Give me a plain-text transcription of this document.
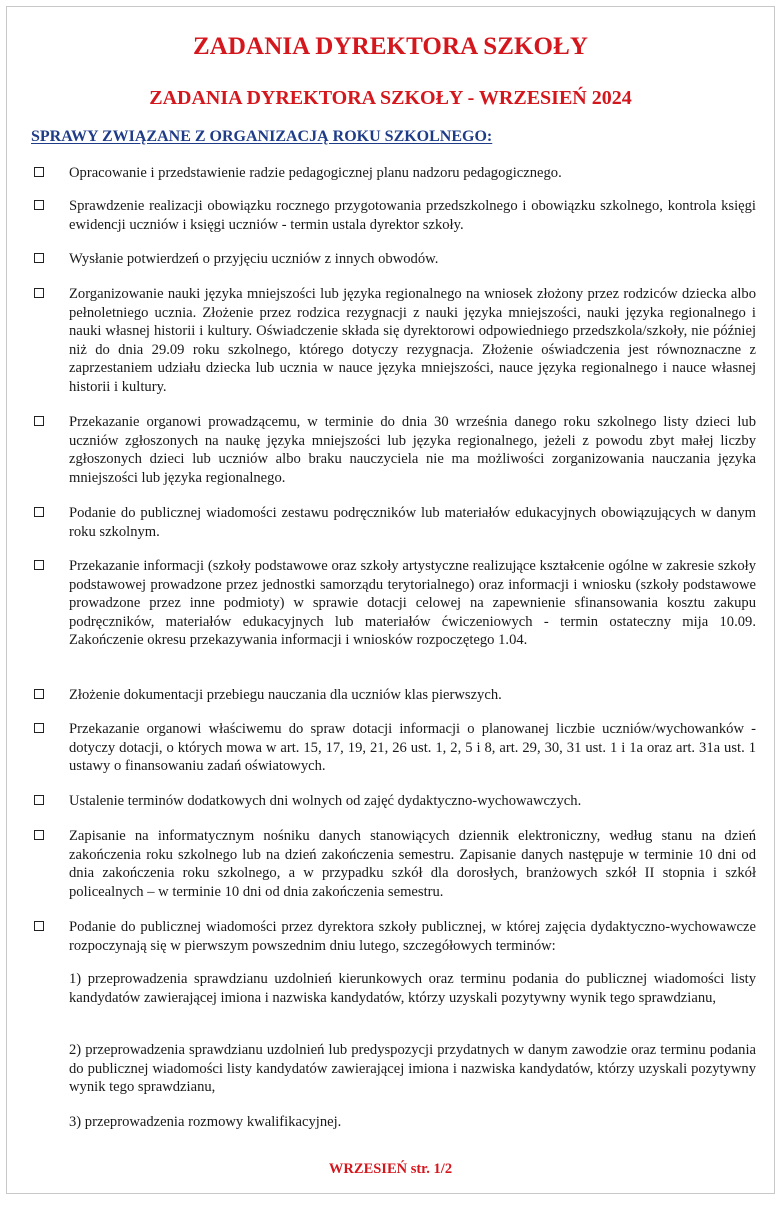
ZADANIA DYREKTORA SZKOŁY
ZADANIA DYREKTORA SZKOŁY - WRZESIEŃ 2024
SPRAWY ZWIĄZANE Z ORGANIZACJĄ ROKU SZKOLNEGO:
Opracowanie i przedstawienie radzie pedagogicznej planu nadzoru pedagogicznego.
Sprawdzenie realizacji obowiązku rocznego przygotowania przedszkolnego i obowiązku szkolnego, kontrola księgi ewidencji uczniów i księgi uczniów - termin ustala dyrektor szkoły.
Wysłanie potwierdzeń o przyjęciu uczniów z innych obwodów.
Zorganizowanie nauki języka mniejszości lub języka regionalnego na wniosek złożony przez rodziców dziecka albo pełnoletniego ucznia. Złożenie przez rodzica rezygnacji z nauki języka mniejszości, nauki języka regionalnego i nauki własnej historii i kultury. Oświadczenie składa się dyrektorowi odpowiedniego przedszkola/szkoły, nie później niż do dnia 29.09 roku szkolnego, którego dotyczy rezygnacja. Złożenie oświadczenia jest równoznaczne z zaprzestaniem udziału dziecka lub ucznia w nauce języka mniejszości, nauce języka regionalnego i nauce własnej historii i kultury.
Przekazanie organowi prowadzącemu, w terminie do dnia 30 września danego roku szkolnego listy dzieci lub uczniów zgłoszonych na naukę języka mniejszości lub języka regionalnego, jeżeli z powodu zbyt małej liczby zgłoszonych dzieci lub uczniów albo braku nauczyciela nie ma możliwości zorganizowania nauczania języka mniejszości lub języka regionalnego.
Podanie do publicznej wiadomości zestawu podręczników lub materiałów edukacyjnych obowiązujących w danym roku szkolnym.
Przekazanie informacji (szkoły podstawowe oraz szkoły artystyczne realizujące kształcenie ogólne w zakresie szkoły podstawowej prowadzone przez jednostki samorządu terytorialnego) oraz informacji i wniosku (szkoły podstawowe prowadzone przez inne podmioty) w sprawie dotacji celowej na zapewnienie sfinansowania kosztu zakupu podręczników, materiałów edukacyjnych lub materiałów ćwiczeniowych - termin ostateczny mija 10.09. Zakończenie okresu przekazywania informacji i wniosków rozpoczętego 1.04.
Złożenie dokumentacji przebiegu nauczania dla uczniów klas pierwszych.
Przekazanie organowi właściwemu do spraw dotacji informacji o planowanej liczbie uczniów/wychowanków - dotyczy dotacji, o których mowa w art. 15, 17, 19, 21, 26 ust. 1, 2, 5 i 8, art. 29, 30, 31 ust. 1 i 1a oraz art. 31a ust. 1 ustawy o finansowaniu zadań oświatowych.
Ustalenie terminów dodatkowych dni wolnych od zajęć dydaktyczno-wychowawczych.
Zapisanie na informatycznym nośniku danych stanowiących dziennik elektroniczny, według stanu na dzień zakończenia roku szkolnego lub na dzień zakończenia semestru. Zapisanie danych następuje w terminie 10 dni od dnia zakończenia roku szkolnego, a w przypadku szkół dla dorosłych, branżowych szkół II stopnia i szkół policealnych – w terminie 10 dni od dnia zakończenia semestru.
Podanie do publicznej wiadomości przez dyrektora szkoły publicznej, w której zajęcia dydaktyczno-wychowawcze rozpoczynają się w pierwszym powszednim dniu lutego, szczegółowych terminów:
1) przeprowadzenia sprawdzianu uzdolnień kierunkowych oraz terminu podania do publicznej wiadomości listy kandydatów zawierającej imiona i nazwiska kandydatów, którzy uzyskali pozytywny wynik tego sprawdzianu,
2) przeprowadzenia sprawdzianu uzdolnień lub predyspozycji przydatnych w danym zawodzie oraz terminu podania do publicznej wiadomości listy kandydatów zawierającej imiona i nazwiska kandydatów, którzy uzyskali pozytywny wynik tego sprawdzianu,
3) przeprowadzenia rozmowy kwalifikacyjnej.
WRZESIEŃ str. 1/2
